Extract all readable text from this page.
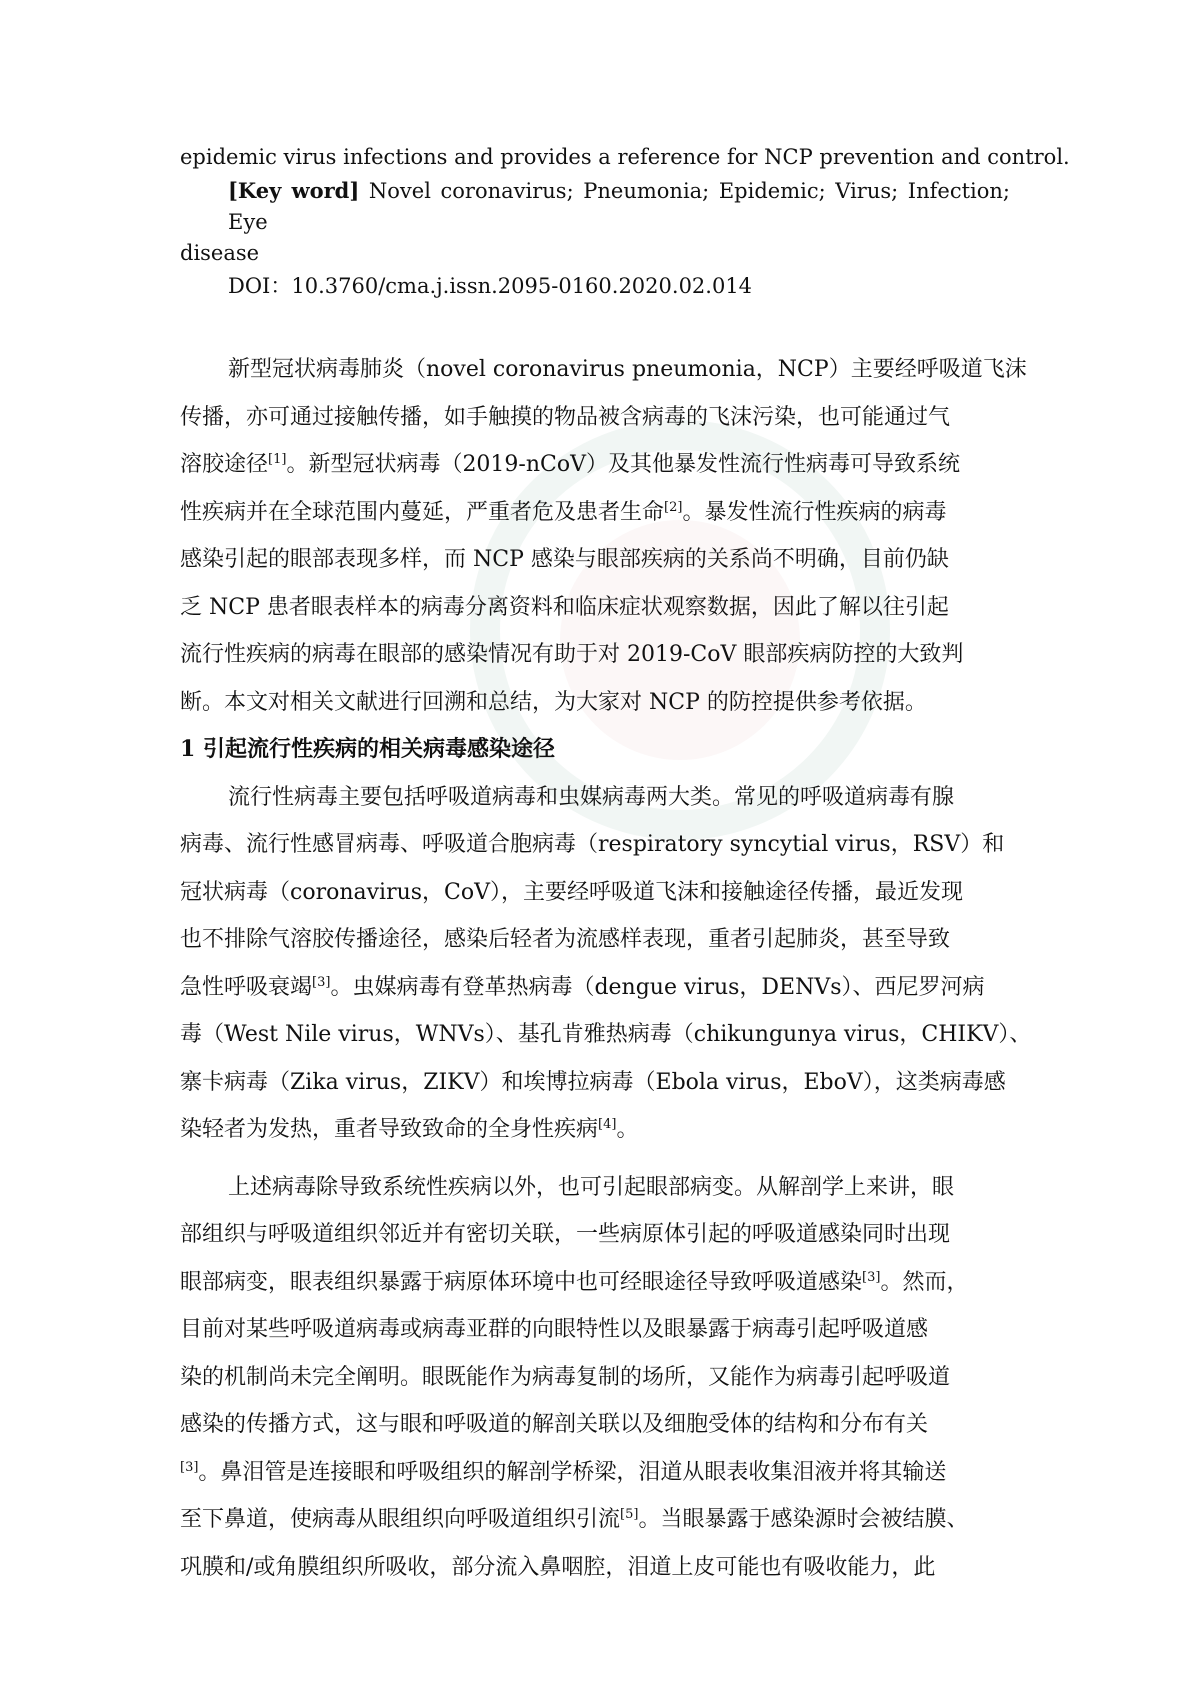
epidemic virus infections and provides a reference for NCP prevention and control.
[Key word] Novel coronavirus; Pneumonia; Epidemic; Virus; Infection; Eye
disease
DOI：10.3760/cma.j.issn.2095-0160.2020.02.014
新型冠状病毒肺炎（novel coronavirus pneumonia，NCP）主要经呼吸道飞沫
传播，亦可通过接触传播，如手触摸的物品被含病毒的飞沫污染，也可能通过气
溶胶途径[1]。新型冠状病毒（2019-nCoV）及其他暴发性流行性病毒可导致系统
性疾病并在全球范围内蔓延，严重者危及患者生命[2]。暴发性流行性疾病的病毒
感染引起的眼部表现多样，而 NCP 感染与眼部疾病的关系尚不明确，目前仍缺
乏 NCP 患者眼表样本的病毒分离资料和临床症状观察数据，因此了解以往引起
流行性疾病的病毒在眼部的感染情况有助于对 2019-CoV 眼部疾病防控的大致判
断。本文对相关文献进行回溯和总结，为大家对 NCP 的防控提供参考依据。
1 引起流行性疾病的相关病毒感染途径
流行性病毒主要包括呼吸道病毒和虫媒病毒两大类。常见的呼吸道病毒有腺
病毒、流行性感冒病毒、呼吸道合胞病毒（respiratory syncytial virus，RSV）和
冠状病毒（coronavirus，CoV），主要经呼吸道飞沫和接触途径传播，最近发现
也不排除气溶胶传播途径，感染后轻者为流感样表现，重者引起肺炎，甚至导致
急性呼吸衰竭[3]。虫媒病毒有登革热病毒（dengue virus，DENVs）、西尼罗河病
毒（West Nile virus，WNVs）、基孔肯雅热病毒（chikungunya virus，CHIKV）、
寨卡病毒（Zika virus，ZIKV）和埃博拉病毒（Ebola virus，EboV），这类病毒感
染轻者为发热，重者导致致命的全身性疾病[4]。
上述病毒除导致系统性疾病以外，也可引起眼部病变。从解剖学上来讲，眼
部组织与呼吸道组织邻近并有密切关联，一些病原体引起的呼吸道感染同时出现
眼部病变，眼表组织暴露于病原体环境中也可经眼途径导致呼吸道感染[3]。然而，
目前对某些呼吸道病毒或病毒亚群的向眼特性以及眼暴露于病毒引起呼吸道感
染的机制尚未完全阐明。眼既能作为病毒复制的场所，又能作为病毒引起呼吸道
感染的传播方式，这与眼和呼吸道的解剖关联以及细胞受体的结构和分布有关
[3]。鼻泪管是连接眼和呼吸组织的解剖学桥梁，泪道从眼表收集泪液并将其输送
至下鼻道，使病毒从眼组织向呼吸道组织引流[5]。当眼暴露于感染源时会被结膜、
巩膜和/或角膜组织所吸收，部分流入鼻咽腔，泪道上皮可能也有吸收能力，此
